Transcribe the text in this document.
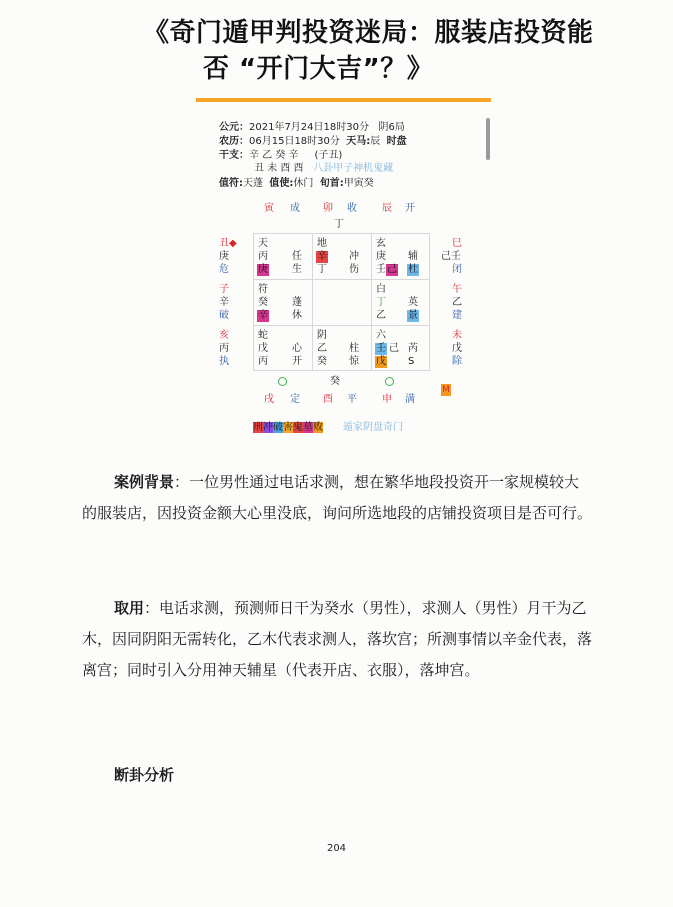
《奇门遁甲判投资迷局：服装店投资能
否 “开门大吉”？》
公元：2021年7月24日18时30分 阴6局
农历：06月15日18时30分 天马:辰 时盘
干支：辛 乙 癸 辛 (子丑)
丑 未 酉 酉 八卦甲子神机鬼藏
值符:天蓬 值使:休门 旬首:甲寅癸
寅 成 卯 收	辰 开
丁
丑◆
庚
危
子
辛
破
亥
丙
执
巳
己壬
闭
午
乙
建
未
戊
除
天
丙 任
庚 生
地
辛 冲
丁 伤
玄
庚 辅
壬 己 杜
符
癸 蓬
辛 休
白
丁 英
乙 景
蛇
戊 心
丙 开
阴
乙 柱
癸 惊
六
壬 己 芮
戊 S
癸
M
戌 定 酉 平	申 满
刑冲破害鬼墓败 遁家阴盘奇门
案例背景：一位男性通过电话求测，想在繁华地段投资开一家规模较大的服装店，因投资金额大心里没底，询问所选地段的店铺投资项目是否可行。
取用：电话求测，预测师日干为癸水（男性），求测人（男性）月干为乙木，因同阴阳无需转化，乙木代表求测人，落坎宫；所测事情以辛金代表，落离宫；同时引入分用神天辅星（代表开店、衣服），落坤宫。
断卦分析
204
